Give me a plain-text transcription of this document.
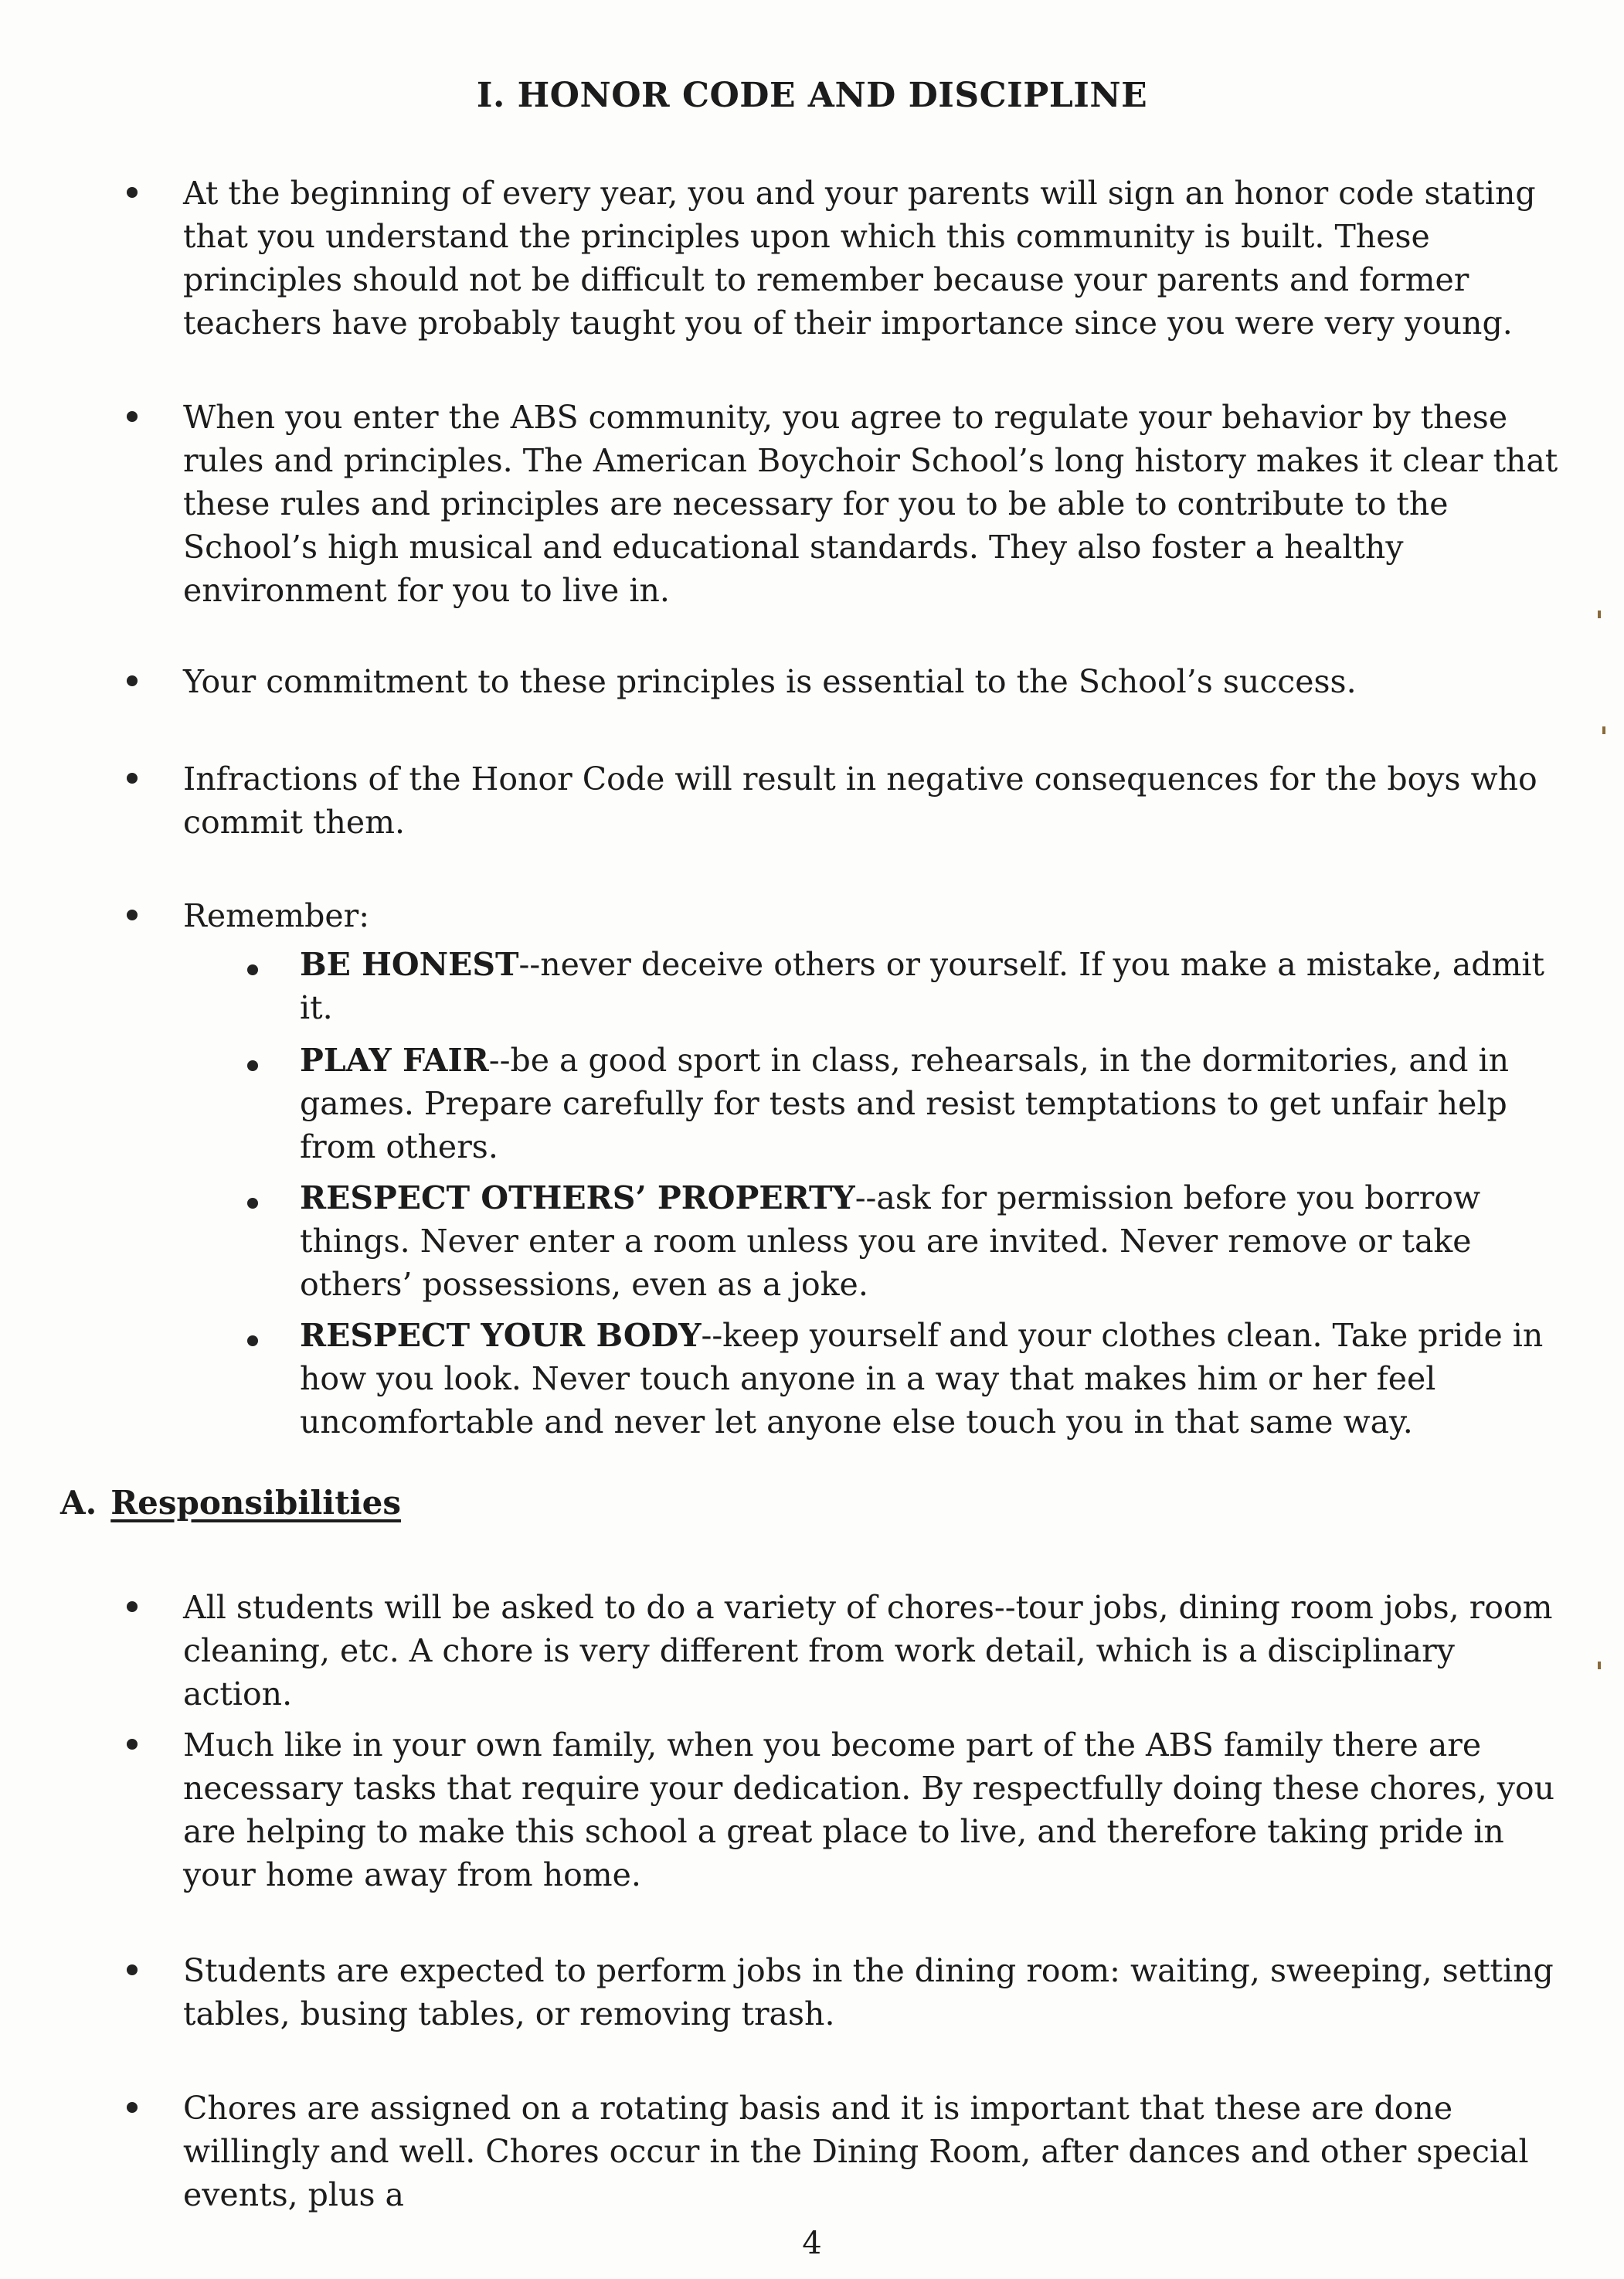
I. HONOR CODE AND DISCIPLINE
At the beginning of every year, you and your parents will sign an honor code stating that you understand the principles upon which this community is built. These principles should not be difficult to remember because your parents and former teachers have probably taught you of their importance since you were very young.
When you enter the ABS community, you agree to regulate your behavior by these rules and principles. The American Boychoir School’s long history makes it clear that these rules and principles are necessary for you to be able to contribute to the School’s high musical and educational standards. They also foster a healthy environment for you to live in.
Your commitment to these principles is essential to the School’s success.
Infractions of the Honor Code will result in negative consequences for the boys who commit them.
Remember:
BE HONEST--never deceive others or yourself. If you make a mistake, admit it.
PLAY FAIR--be a good sport in class, rehearsals, in the dormitories, and in games. Prepare carefully for tests and resist temptations to get unfair help from others.
RESPECT OTHERS’ PROPERTY--ask for permission before you borrow things. Never enter a room unless you are invited. Never remove or take others’ possessions, even as a joke.
RESPECT YOUR BODY--keep yourself and your clothes clean. Take pride in how you look. Never touch anyone in a way that makes him or her feel uncomfortable and never let anyone else touch you in that same way.
A. Responsibilities
All students will be asked to do a variety of chores--tour jobs, dining room jobs, room cleaning, etc. A chore is very different from work detail, which is a disciplinary action.
Much like in your own family, when you become part of the ABS family there are necessary tasks that require your dedication. By respectfully doing these chores, you are helping to make this school a great place to live, and therefore taking pride in your home away from home.
Students are expected to perform jobs in the dining room: waiting, sweeping, setting tables, busing tables, or removing trash.
Chores are assigned on a rotating basis and it is important that these are done willingly and well. Chores occur in the Dining Room, after dances and other special events, plus a
4
